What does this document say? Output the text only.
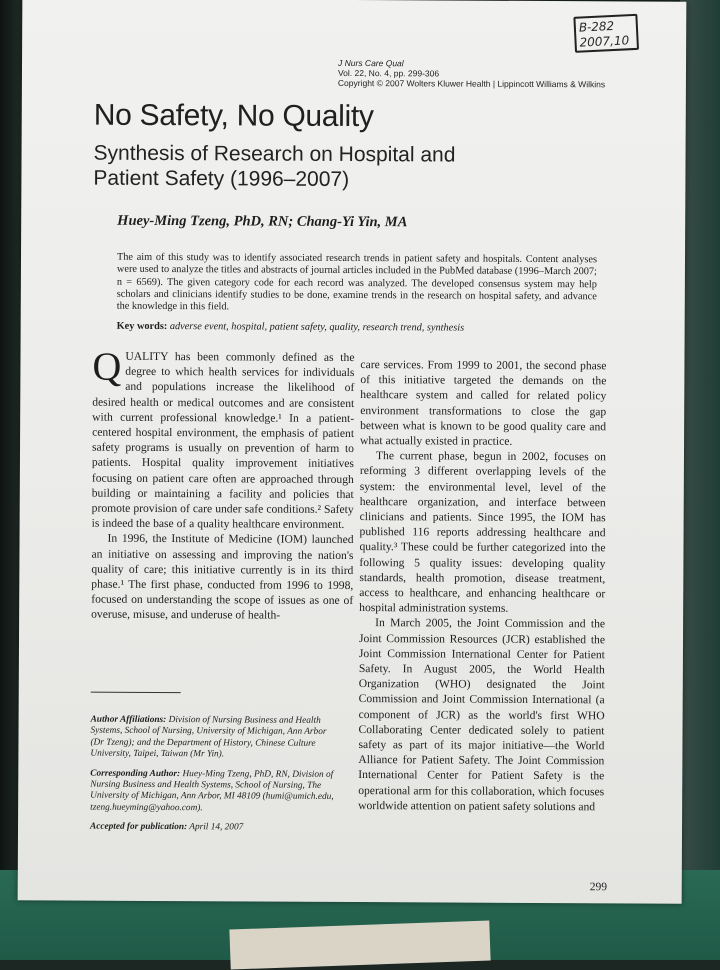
B-282
2007,10
J Nurs Care Qual
Vol. 22, No. 4, pp. 299-306
Copyright © 2007 Wolters Kluwer Health | Lippincott Williams & Wilkins
No Safety, No Quality
Synthesis of Research on Hospital and Patient Safety (1996–2007)
Huey-Ming Tzeng, PhD, RN; Chang-Yi Yin, MA
The aim of this study was to identify associated research trends in patient safety and hospitals. Content analyses were used to analyze the titles and abstracts of journal articles included in the PubMed database (1996–March 2007; n = 6569). The given category code for each record was analyzed. The developed consensus system may help scholars and clinicians identify studies to be done, examine trends in the research on hospital safety, and advance the knowledge in this field.
Key words: adverse event, hospital, patient safety, quality, research trend, synthesis

QUALITY has been commonly defined as the degree to which health services for individuals and populations increase the likelihood of desired health or medical outcomes and are consistent with current professional knowledge.¹ In a patient-centered hospital environment, the emphasis of patient safety programs is usually on prevention of harm to patients. Hospital quality improvement initiatives focusing on patient care often are approached through building or maintaining a facility and policies that promote provision of care under safe conditions.² Safety is indeed the base of a quality healthcare environment.

In 1996, the Institute of Medicine (IOM) launched an initiative on assessing and improving the nation's quality of care; this initiative currently is in its third phase.¹ The first phase, conducted from 1996 to 1998, focused on understanding the scope of issues as one of overuse, misuse, and underuse of health-

care services. From 1999 to 2001, the second phase of this initiative targeted the demands on the healthcare system and called for related policy environment transformations to close the gap between what is known to be good quality care and what actually existed in practice.

The current phase, begun in 2002, focuses on reforming 3 different overlapping levels of the system: the environmental level, level of the healthcare organization, and interface between clinicians and patients. Since 1995, the IOM has published 116 reports addressing healthcare and quality.³ These could be further categorized into the following 5 quality issues: developing quality standards, health promotion, disease treatment, access to healthcare, and enhancing healthcare or hospital administration systems.

In March 2005, the Joint Commission and the Joint Commission Resources (JCR) established the Joint Commission International Center for Patient Safety. In August 2005, the World Health Organization (WHO) designated the Joint Commission and Joint Commission International (a component of JCR) as the world's first WHO Collaborating Center dedicated solely to patient safety as part of its major initiative—the World Alliance for Patient Safety. The Joint Commission International Center for Patient Safety is the operational arm for this collaboration, which focuses worldwide attention on patient safety solutions and

Author Affiliations: Division of Nursing Business and Health Systems, School of Nursing, University of Michigan, Ann Arbor (Dr Tzeng); and the Department of History, Chinese Culture University, Taipei, Taiwan (Mr Yin).

Corresponding Author: Huey-Ming Tzeng, PhD, RN, Division of Nursing Business and Health Systems, School of Nursing, The University of Michigan, Ann Arbor, MI 48109 (humi@umich.edu, tzeng.hueyming@yahoo.com).

Accepted for publication: April 14, 2007

299
